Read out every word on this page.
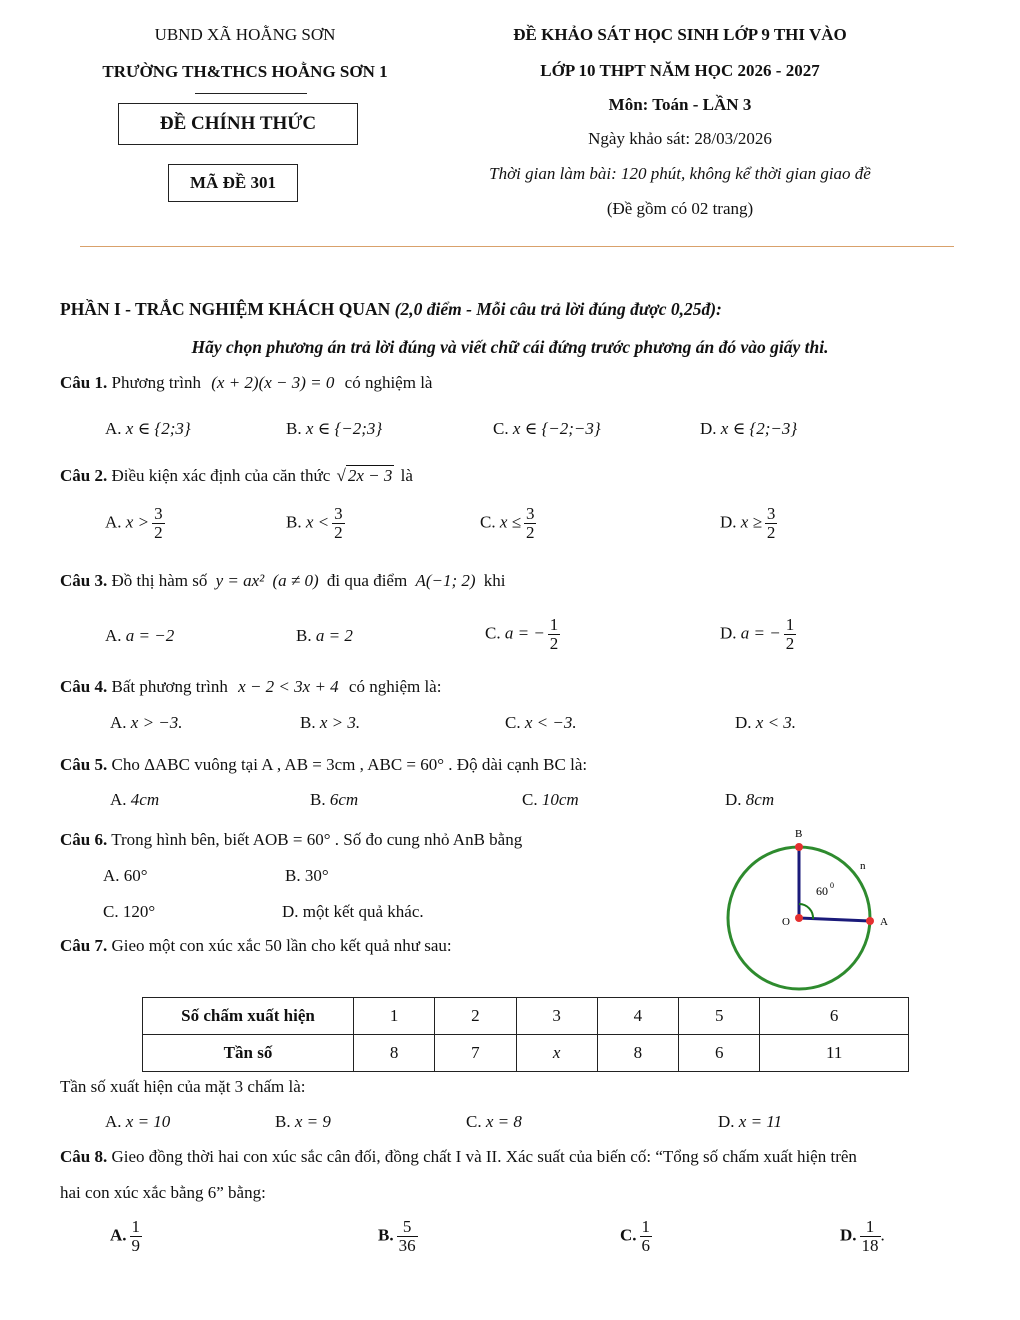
UBND XÃ HOẰNG SƠN
TRƯỜNG TH&THCS HOẰNG SƠN 1
ĐỀ CHÍNH THỨC
MÃ ĐỀ 301
ĐỀ KHẢO SÁT HỌC SINH LỚP 9 THI VÀO
LỚP 10 THPT NĂM HỌC 2026 - 2027
Môn: Toán - LẦN 3
Ngày khảo sát: 28/03/2026
Thời gian làm bài: 120 phút, không kể thời gian giao đề
(Đề gồm có 02 trang)
PHẦN I - TRẮC NGHIỆM KHÁCH QUAN (2,0 điểm - Mỗi câu trả lời đúng được 0,25đ):
Hãy chọn phương án trả lời đúng và viết chữ cái đứng trước phương án đó vào giấy thi.
Câu 1. Phương trình (x + 2)(x − 3) = 0 có nghiệm là
A. x ∈ {2;3}	B. x ∈ {−2;3}	C. x ∈ {−2;−3}	D. x ∈ {2;−3}
Câu 2. Điều kiện xác định của căn thức √ 2x − 3 là
A. $x > \frac{3}{2}$	B. $x < \frac{3}{2}$	C. $x \le \frac{3}{2}$	D. $x \ge \frac{3}{2}$
Câu 3. Đồ thị hàm số y = ax² (a ≠ 0) đi qua điểm A(−1; 2) khi
A. a = −2	B. a = 2	C. a = − $\frac{1}{2}$	D. a = − $\frac{1}{2}$
Câu 4. Bất phương trình x − 2 < 3x + 4 có nghiệm là:
A. x > −3.	B. x > 3.	C. x < −3.	D. x < 3.
Câu 5. Cho ΔABC vuông tại A , AB = 3cm , ABC = 60° . Độ dài cạnh BC là:
A. 4cm	B. 6cm	C. 10cm	D. 8cm
Câu 6. Trong hình bên, biết AOB = 60° . Số đo cung nhỏ AnB bằng
A. 60°	B. 30°
C. 120°	D. một kết quả khác.
B
n
60 0
O	A
Câu 7. Gieo một con xúc xắc 50 lần cho kết quả như sau:
Số chấm xuất hiện	1	2	3	4	5	6
Tần số	8	7	x	8	6	11
Tần số xuất hiện của mặt 3 chấm là:
A. x = 10	B. x = 9	C. x = 8	D. x = 11
Câu 8. Gieo đồng thời hai con xúc sắc cân đối, đồng chất I và II. Xác suất của biến cố: “Tổng số chấm xuất hiện trên
hai con xúc xắc bằng 6” bằng:
A. $\frac{1}{9}$	B. $\frac{5}{36}$	C. $\frac{1}{6}$	D. $\frac{1}{18}$ .
